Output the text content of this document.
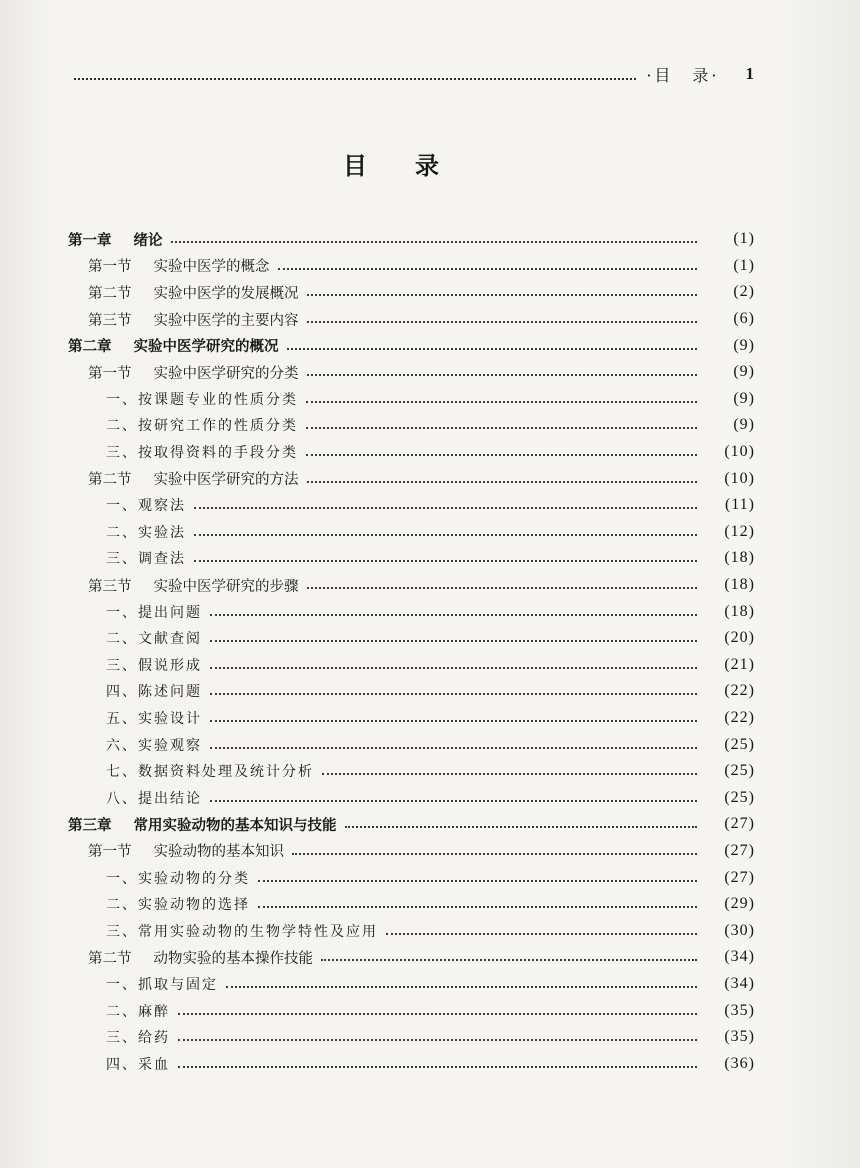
·目　录· 1
目录
第一章 绪论	(1)
第一节 实验中医学的概念	(1)
第二节 实验中医学的发展概况	(2)
第三节 实验中医学的主要内容	(6)
第二章 实验中医学研究的概况	(9)
第一节 实验中医学研究的分类	(9)
一、按课题专业的性质分类	(9)
二、按研究工作的性质分类	(9)
三、按取得资料的手段分类	(10)
第二节 实验中医学研究的方法	(10)
一、观察法	(11)
二、实验法	(12)
三、调查法	(18)
第三节 实验中医学研究的步骤	(18)
一、提出问题	(18)
二、文献查阅	(20)
三、假说形成	(21)
四、陈述问题	(22)
五、实验设计	(22)
六、实验观察	(25)
七、数据资料处理及统计分析	(25)
八、提出结论	(25)
第三章 常用实验动物的基本知识与技能	(27)
第一节 实验动物的基本知识	(27)
一、实验动物的分类	(27)
二、实验动物的选择	(29)
三、常用实验动物的生物学特性及应用	(30)
第二节 动物实验的基本操作技能	(34)
一、抓取与固定	(34)
二、麻醉	(35)
三、给药	(35)
四、采血	(36)
